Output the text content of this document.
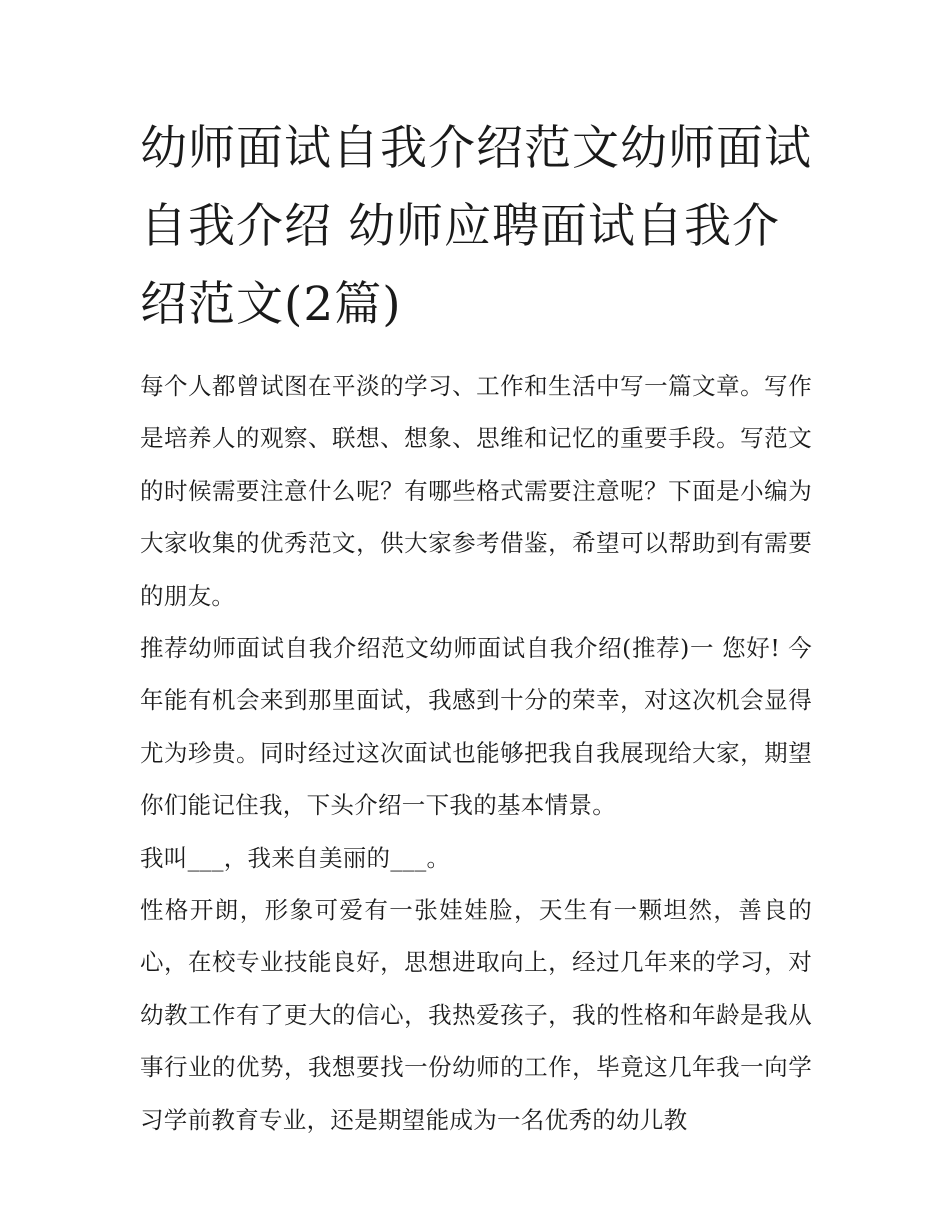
幼师面试自我介绍范文幼师面试自我介绍 幼师应聘面试自我介绍范文(2篇)

每个人都曾试图在平淡的学习、工作和生活中写一篇文章。写作是培养人的观察、联想、想象、思维和记忆的重要手段。写范文的时候需要注意什么呢？有哪些格式需要注意呢？下面是小编为大家收集的优秀范文，供大家参考借鉴，希望可以帮助到有需要的朋友。

推荐幼师面试自我介绍范文幼师面试自我介绍(推荐)一 您好! 今年能有机会来到那里面试，我感到十分的荣幸，对这次机会显得尤为珍贵。同时经过这次面试也能够把我自我展现给大家，期望你们能记住我，下头介绍一下我的基本情景。

我叫___，我来自美丽的___。

性格开朗，形象可爱有一张娃娃脸，天生有一颗坦然，善良的心，在校专业技能良好，思想进取向上，经过几年来的学习，对幼教工作有了更大的信心，我热爱孩子，我的性格和年龄是我从事行业的优势，我想要找一份幼师的工作，毕竟这几年我一向学习学前教育专业，还是期望能成为一名优秀的幼儿教
